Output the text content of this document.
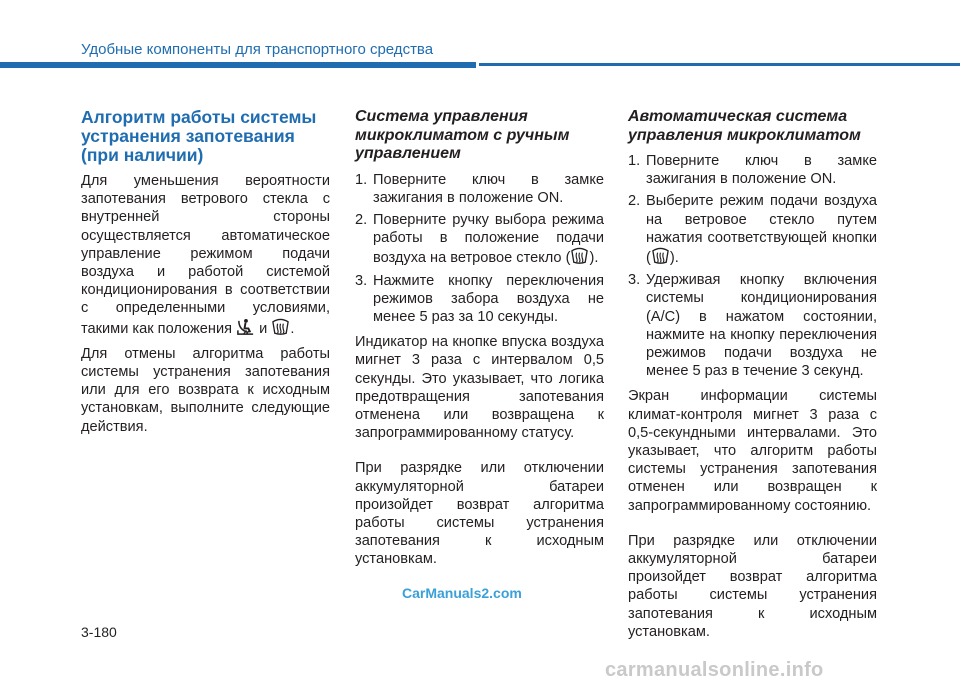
Удобные компоненты для транспортного средства
Алгоритм работы системы устранения запотевания (при наличии)
Для уменьшения вероятности запотевания ветрового стекла с внутренней стороны осуществляется автоматическое управление режимом подачи воздуха и работой системой кондиционирования в соответствии с определенными условиями, такими как положения
и
.
Для отмены алгоритма работы системы устранения запотевания или для его возврата к исходным установкам, выполните следующие действия.
Система управления микроклиматом с ручным управлением
1. Поверните ключ в замке зажигания в положение ON.
2. Поверните ручку выбора режима работы в положение подачи воздуха на ветровое стекло ( ).
3. Нажмите кнопку переключения режимов забора воздуха не менее 5 раз за 10 секунды.
Индикатор на кнопке впуска воздуха мигнет 3 раза с интервалом 0,5 секунды. Это указывает, что логика предотвращения запотевания отменена или возвращена к запрограммированному статусу.
При разрядке или отключении аккумуляторной батареи произойдет возврат алгоритма работы системы устранения запотевания к исходным установкам.
Автоматическая система управления микроклиматом
1. Поверните ключ в замке зажигания в положение ON.
2. Выберите режим подачи воздуха на ветровое стекло путем нажатия соответствующей кнопки ( ).
3. Удерживая кнопку включения системы кондиционирования (A/C) в нажатом состоянии, нажмите на кнопку переключения режимов подачи воздуха не менее 5 раз в течение 3 секунд.
Экран информации системы климат-контроля мигнет 3 раза с 0,5-секундными интервалами. Это указывает, что алгоритм работы системы устранения запотевания отменен или возвращен к запрограммированному состоянию.
При разрядке или отключении аккумуляторной батареи произойдет возврат алгоритма работы системы устранения запотевания к исходным установкам.
3-180
CarManuals2.com
carmanualsonline.info
